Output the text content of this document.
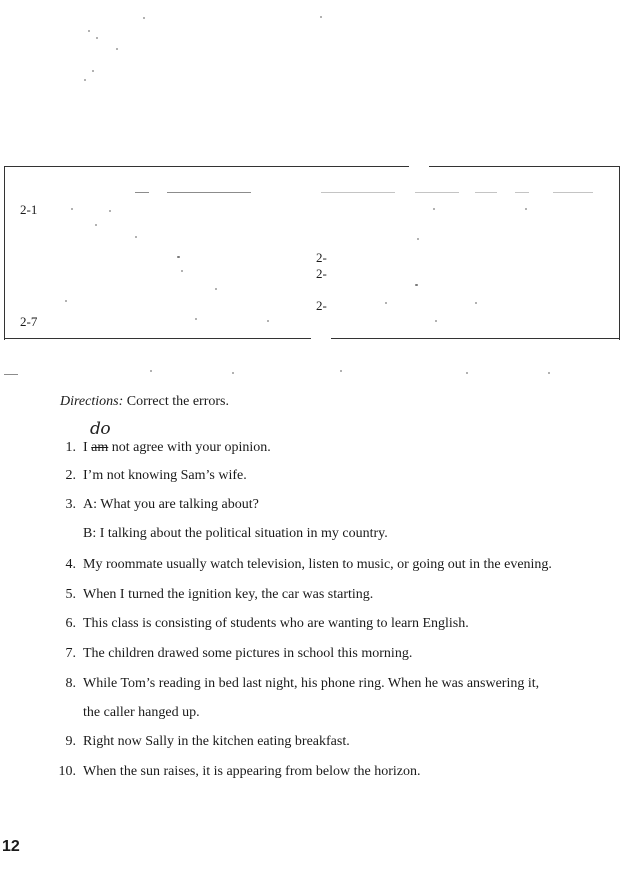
2-1
2-7
2-
2-
2-
Directions: Correct the errors.
do
1. I am not agree with your opinion.
2. I’m not knowing Sam’s wife.
3. A: What you are talking about?
B: I talking about the political situation in my country.
4. My roommate usually watch television, listen to music, or going out in the evening.
5. When I turned the ignition key, the car was starting.
6. This class is consisting of students who are wanting to learn English.
7. The children drawed some pictures in school this morning.
8. While Tom’s reading in bed last night, his phone ring. When he was answering it,
the caller hanged up.
9. Right now Sally in the kitchen eating breakfast.
10. When the sun raises, it is appearing from below the horizon.
12
